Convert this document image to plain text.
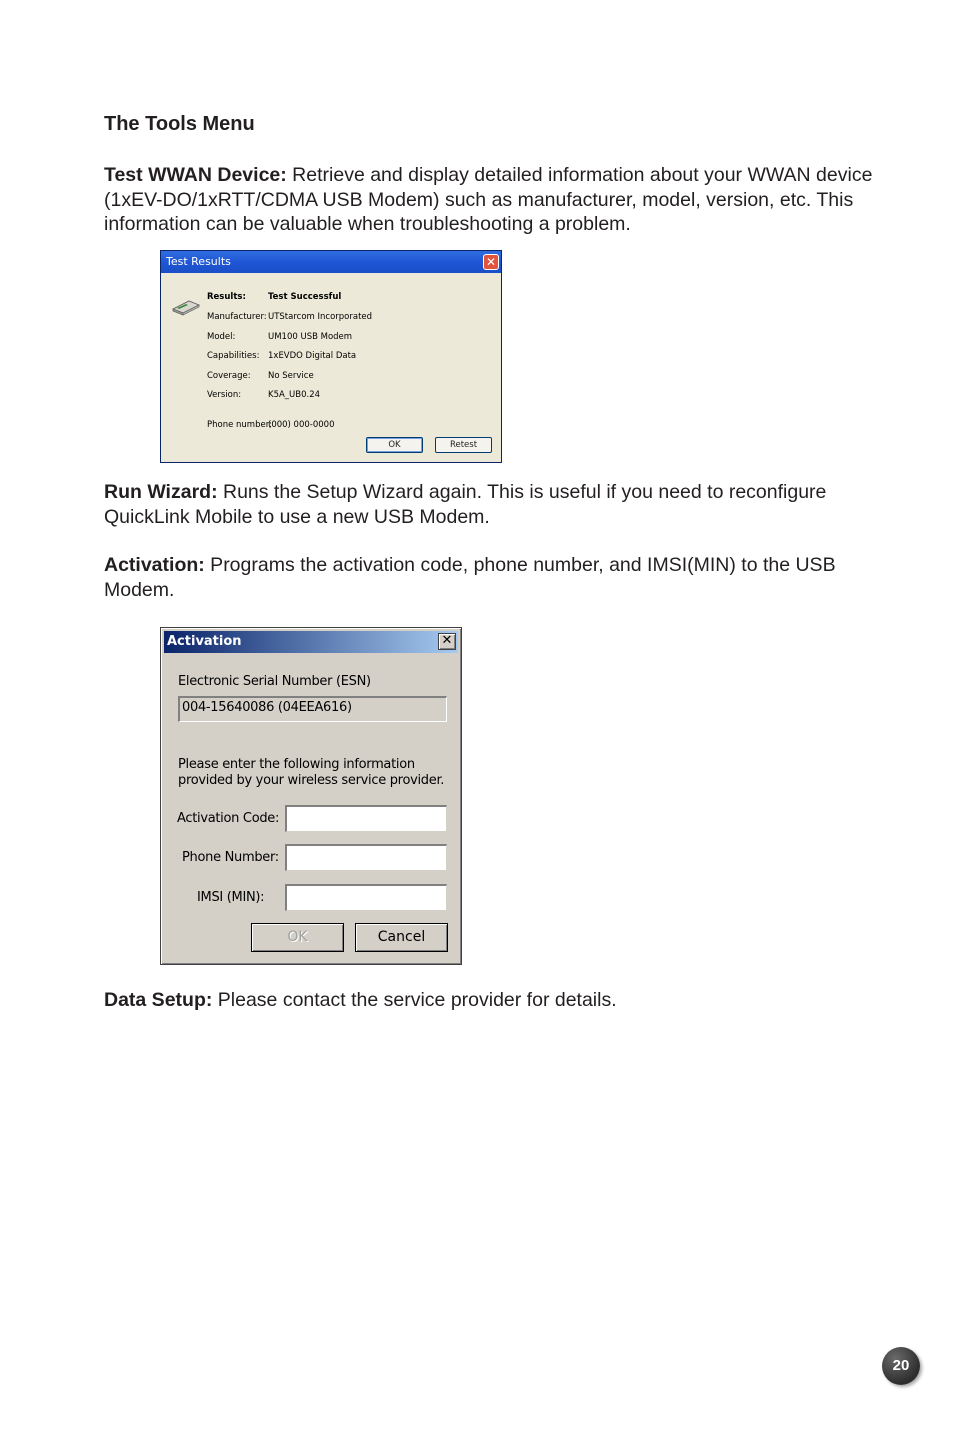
The Tools Menu
Test WWAN Device: Retrieve and display detailed information about your WWAN device (1xEV-DO/1xRTT/CDMA USB Modem) such as manufacturer, model, version, etc. This information can be valuable when troubleshooting a problem.
Test Results	✕
Results:	Test Successful
Manufacturer: UTStarcom Incorporated
Model:	UM100 USB Modem
Capabilities: 1xEVDO Digital Data
Coverage: No Service
Version:	K5A_UB0.24
Phone number:
(000) 000-0000
OK	Retest
Run Wizard: Runs the Setup Wizard again. This is useful if you need to reconfigure QuickLink Mobile to use a new USB Modem.
Activation: Programs the activation code, phone number, and IMSI(MIN) to the USB Modem.
Activation	✕
Electronic Serial Number (ESN)
004-15640086 (04EEA616)
Please enter the following information
provided by your wireless service provider.
Activation Code:
Phone Number:
IMSI (MIN):
OK	Cancel
Data Setup: Please contact the service provider for details.
20
